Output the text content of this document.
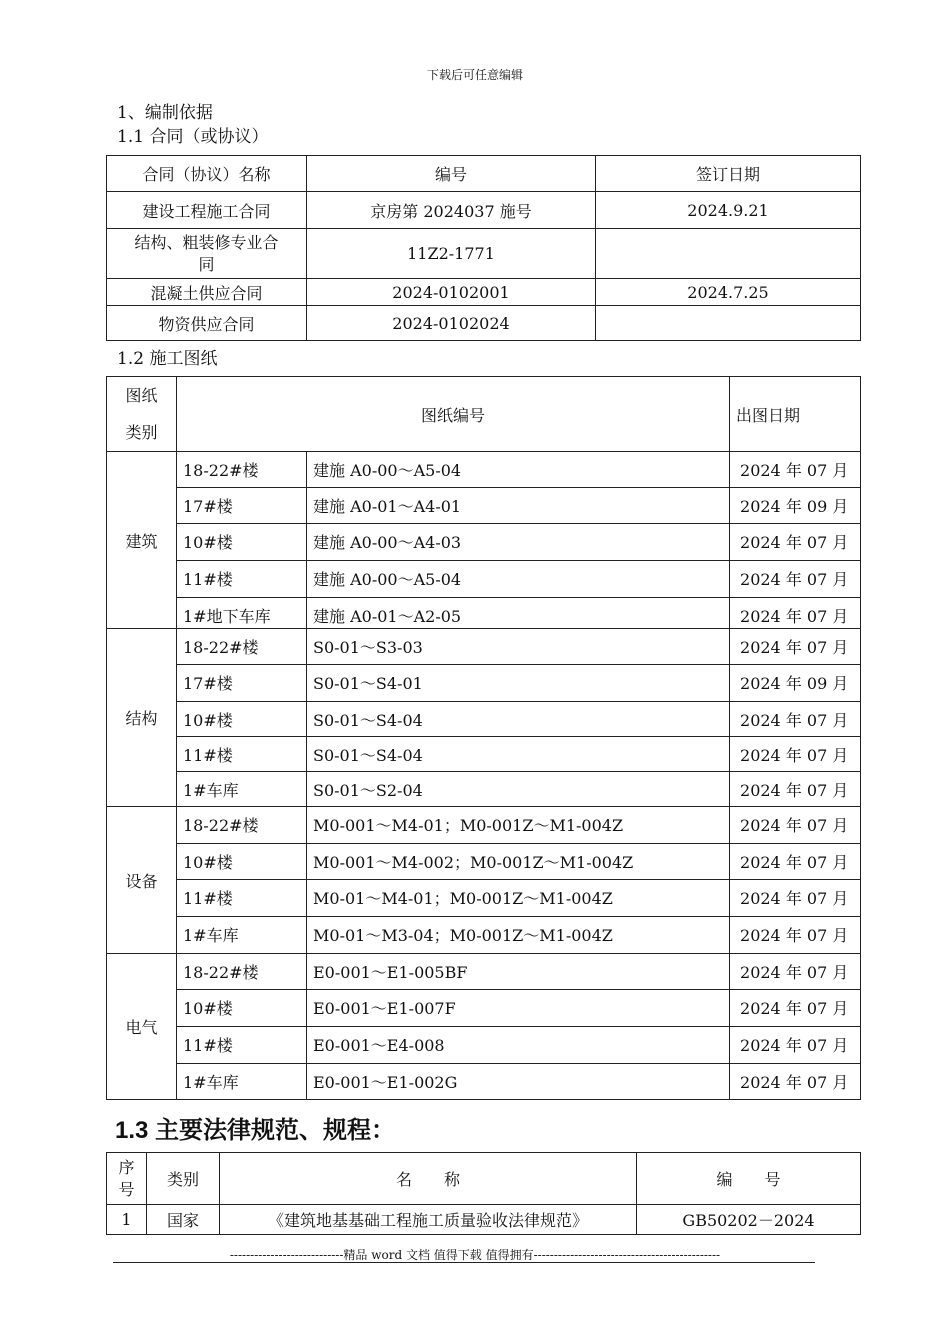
下载后可任意编辑
1、编制依据
1.1 合同（或协议）
合同（协议）名称	编号	签订日期
建设工程施工合同	京房第 2024037 施号	2024.9.21
结构、粗装修专业合
同	11Z2-1771	
混凝土供应合同	2024-0102001	2024.7.25
物资供应合同	2024-0102024	
1.2 施工图纸
图纸
类别	图纸编号		出图日期
建筑	18-22#楼	建施 A0-00～A5-04	2024 年 07 月
	17#楼	建施 A0-01～A4-01	2024 年 09 月
	10#楼	建施 A0-00～A4-03	2024 年 07 月
	11#楼	建施 A0-00～A5-04	2024 年 07 月
	1#地下车库	建施 A0-01～A2-05	2024 年 07 月
结构	18-22#楼	S0-01～S3-03	2024 年 07 月
	17#楼	S0-01～S4-01	2024 年 09 月
	10#楼	S0-01～S4-04	2024 年 07 月
	11#楼	S0-01～S4-04	2024 年 07 月
	1#车库	S0-01～S2-04	2024 年 07 月
设备	18-22#楼	M0-001～M4-01；M0-001Z～M1-004Z	2024 年 07 月
	10#楼	M0-001～M4-002；M0-001Z～M1-004Z	2024 年 07 月
	11#楼	M0-01～M4-01；M0-001Z～M1-004Z	2024 年 07 月
	1#车库	M0-01～M3-04；M0-001Z～M1-004Z	2024 年 07 月
电气	18-22#楼	E0-001～E1-005BF	2024 年 07 月
	10#楼	E0-001～E1-007F	2024 年 07 月
	11#楼	E0-001～E4-008	2024 年 07 月
	1#车库	E0-001～E1-002G	2024 年 07 月
1.3 主要法律规范、规程：
序
号	类别	名　　称	编　　号
1	国家	《建筑地基基础工程施工质量验收法律规范》	GB50202－2024
----------------------------精品 word 文档 值得下载 值得拥有----------------------------------------------
